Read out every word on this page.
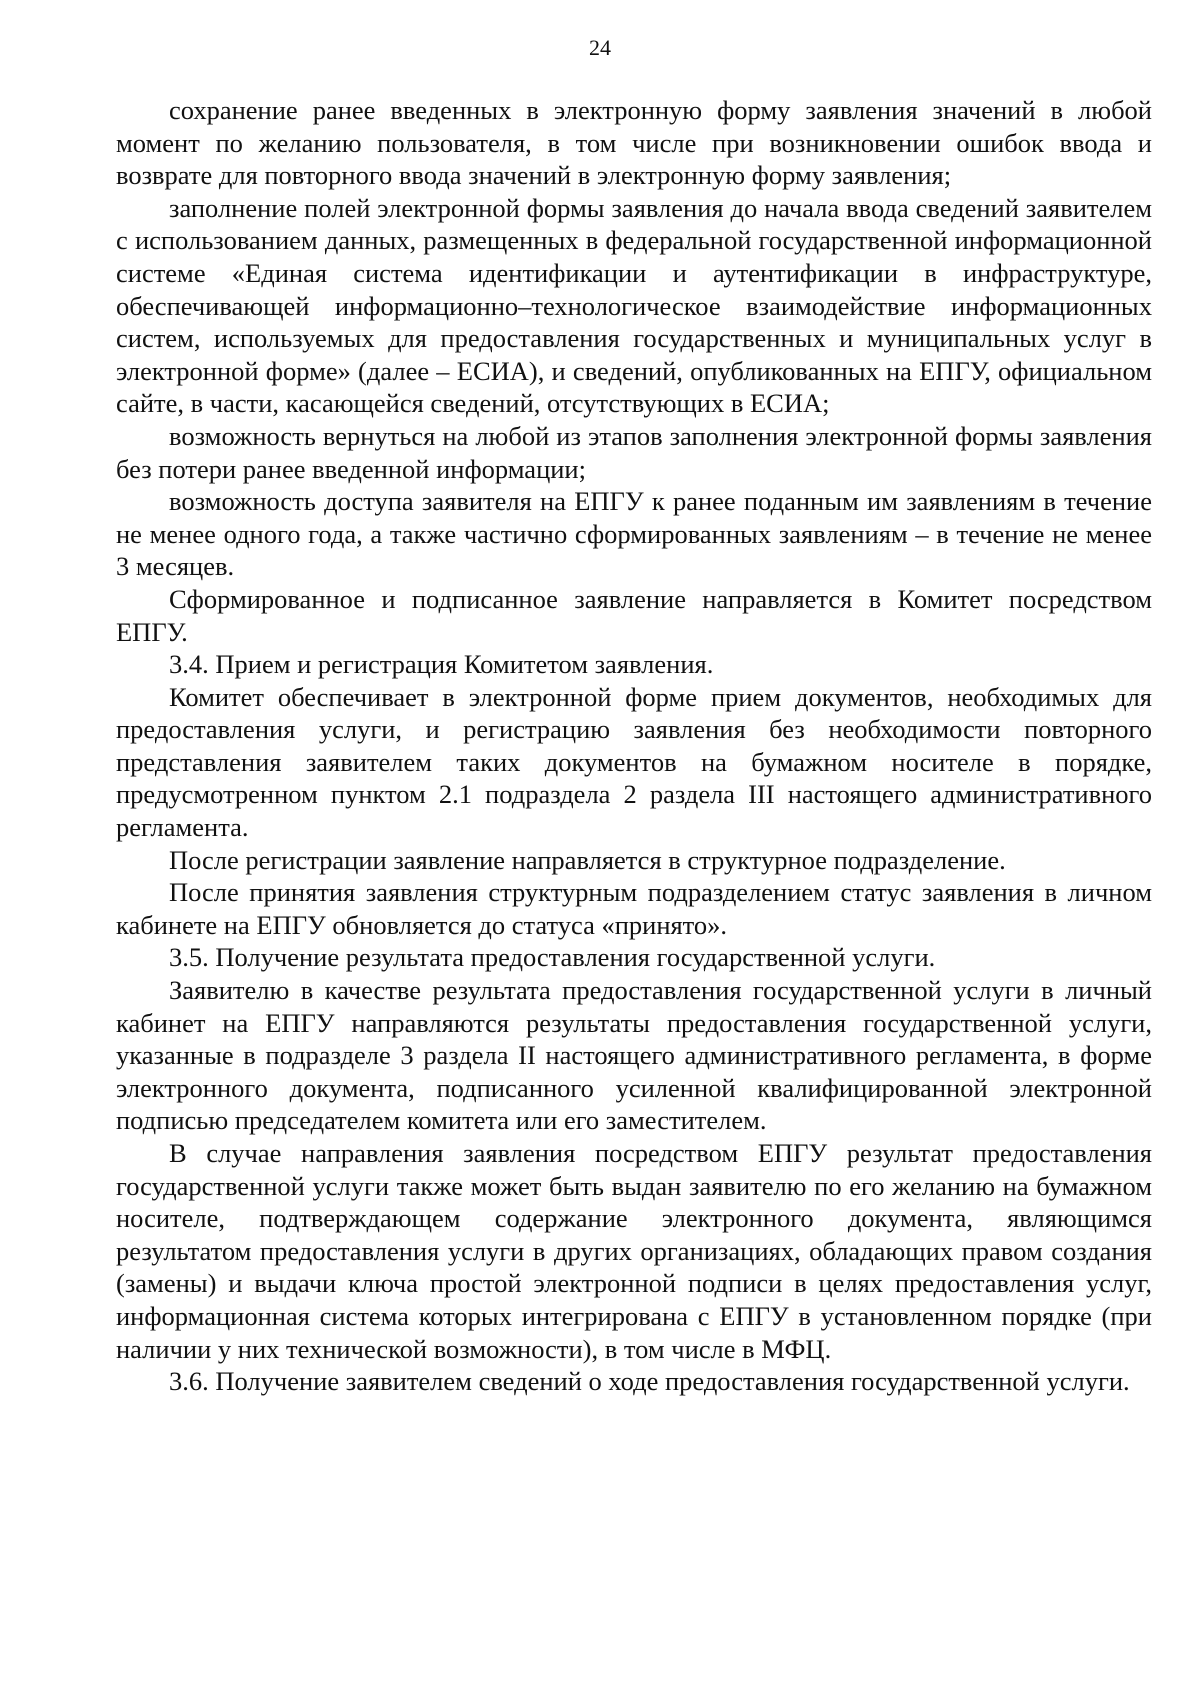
24

сохранение ранее введенных в электронную форму заявления значений в любой момент по желанию пользователя, в том числе при возникновении ошибок ввода и возврате для повторного ввода значений в электронную форму заявления;

заполнение полей электронной формы заявления до начала ввода сведений заявителем с использованием данных, размещенных в федеральной государственной информационной системе «Единая система идентификации и аутентификации в инфраструктуре, обеспечивающей информационно–технологическое взаимодействие информационных систем, используемых для предоставления государственных и муниципальных услуг в электронной форме» (далее – ЕСИА), и сведений, опубликованных на ЕПГУ, официальном сайте, в части, касающейся сведений, отсутствующих в ЕСИА;

возможность вернуться на любой из этапов заполнения электронной формы заявления без потери ранее введенной информации;

возможность доступа заявителя на ЕПГУ к ранее поданным им заявлениям в течение не менее одного года, а также частично сформированных заявлениям – в течение не менее 3 месяцев.

Сформированное и подписанное заявление направляется в Комитет посредством ЕПГУ.

3.4. Прием и регистрация Комитетом заявления.

Комитет обеспечивает в электронной форме прием документов, необходимых для предоставления услуги, и регистрацию заявления без необходимости повторного представления заявителем таких документов на бумажном носителе в порядке, предусмотренном пунктом 2.1 подраздела 2 раздела III настоящего административного регламента.

После регистрации заявление направляется в структурное подразделение.

После принятия заявления структурным подразделением статус заявления в личном кабинете на ЕПГУ обновляется до статуса «принято».

3.5. Получение результата предоставления государственной услуги.

Заявителю в качестве результата предоставления государственной услуги в личный кабинет на ЕПГУ направляются результаты предоставления государственной услуги, указанные в подразделе 3 раздела II настоящего административного регламента, в форме электронного документа, подписанного усиленной квалифицированной электронной подписью председателем комитета или его заместителем.

В случае направления заявления посредством ЕПГУ результат предоставления государственной услуги также может быть выдан заявителю по его желанию на бумажном носителе, подтверждающем содержание электронного документа, являющимся результатом предоставления услуги в других организациях, обладающих правом создания (замены) и выдачи ключа простой электронной подписи в целях предоставления услуг, информационная система которых интегрирована с ЕПГУ в установленном порядке (при наличии у них технической возможности), в том числе в МФЦ.

3.6. Получение заявителем сведений о ходе предоставления государственной услуги.
